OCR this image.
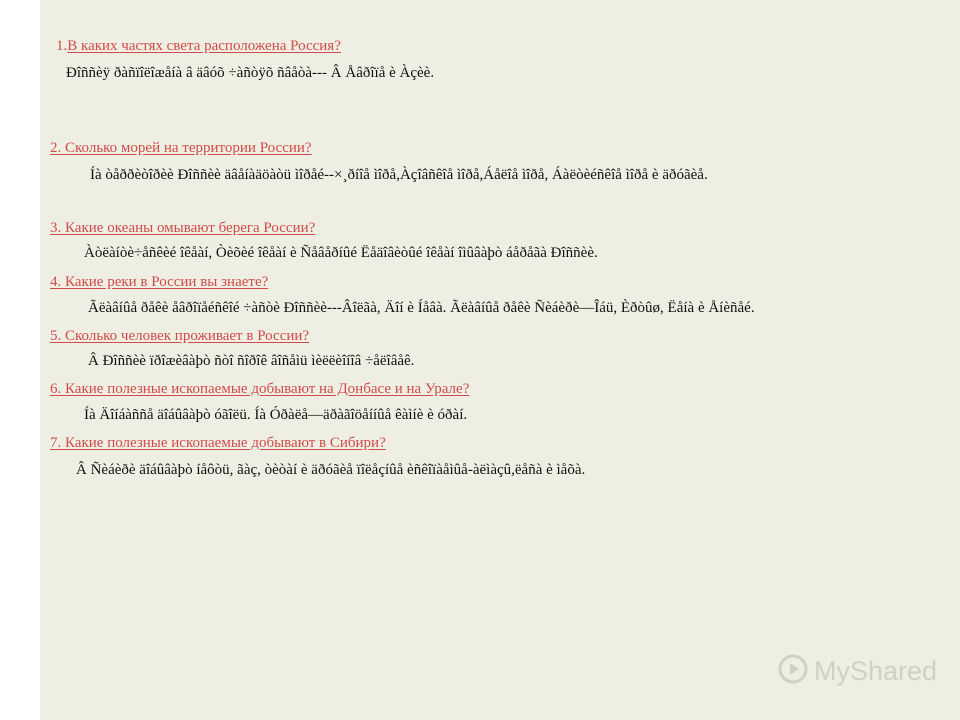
1.В каких частях света расположена Россия?
Ðîññèÿ ðàñïîëîæåíà â äâóõ ÷àñòÿõ ñâåòà--- Â Åâðîïå è Àçèè.
2. Сколько морей на территории России?
Íà òåððèòîðèè Ðîññèè äâåíàäöàòü ìîðåé--×¸ðíîå ìîðå,Àçîâñêîå ìîðå,Áåëîå ìîðå, Áàëòèéñêîå ìîðå è äðóãèå.
3. Какие океаны омывают берега России?
Àòëàíòè÷åñêèé îêåàí, Òèõèé îêåàí è Ñåâåðíûé Ëåäîâèòûé îêåàí îìûâàþò áåðåãà Ðîññèè.
4. Какие реки в России вы знаете?
Ãëàâíûå ðåêè åâðîïåéñêîé ÷àñòè Ðîññèè---Âîëãà, Äîí è Íåâà. Ãëàâíûå ðåêè Ñèáèðè—Îáü, Èðòûø, Ëåíà è Åíèñåé.
5. Сколько человек проживает в России?
Â Ðîññèè ïðîæèâàþò ñòî ñîðîê âîñåìü ìèëëèîíîâ ÷åëîâåê.
6. Какие полезные ископаемые добывают на Донбасе и на Урале?
Íà Äîíáàññå äîáûâàþò óãîëü. Íà Óðàëå—äðàãîöåííûå êàìíè è óðàí.
7. Какие полезные ископаемые добывают в Сибири?
Â Ñèáèðè äîáûâàþò íåôòü, ãàç, òèòàí è äðóãèå ïîëåçíûå èñêîïàåìûå-àëìàçû,ëåñà è ìåõà.
MyShared
